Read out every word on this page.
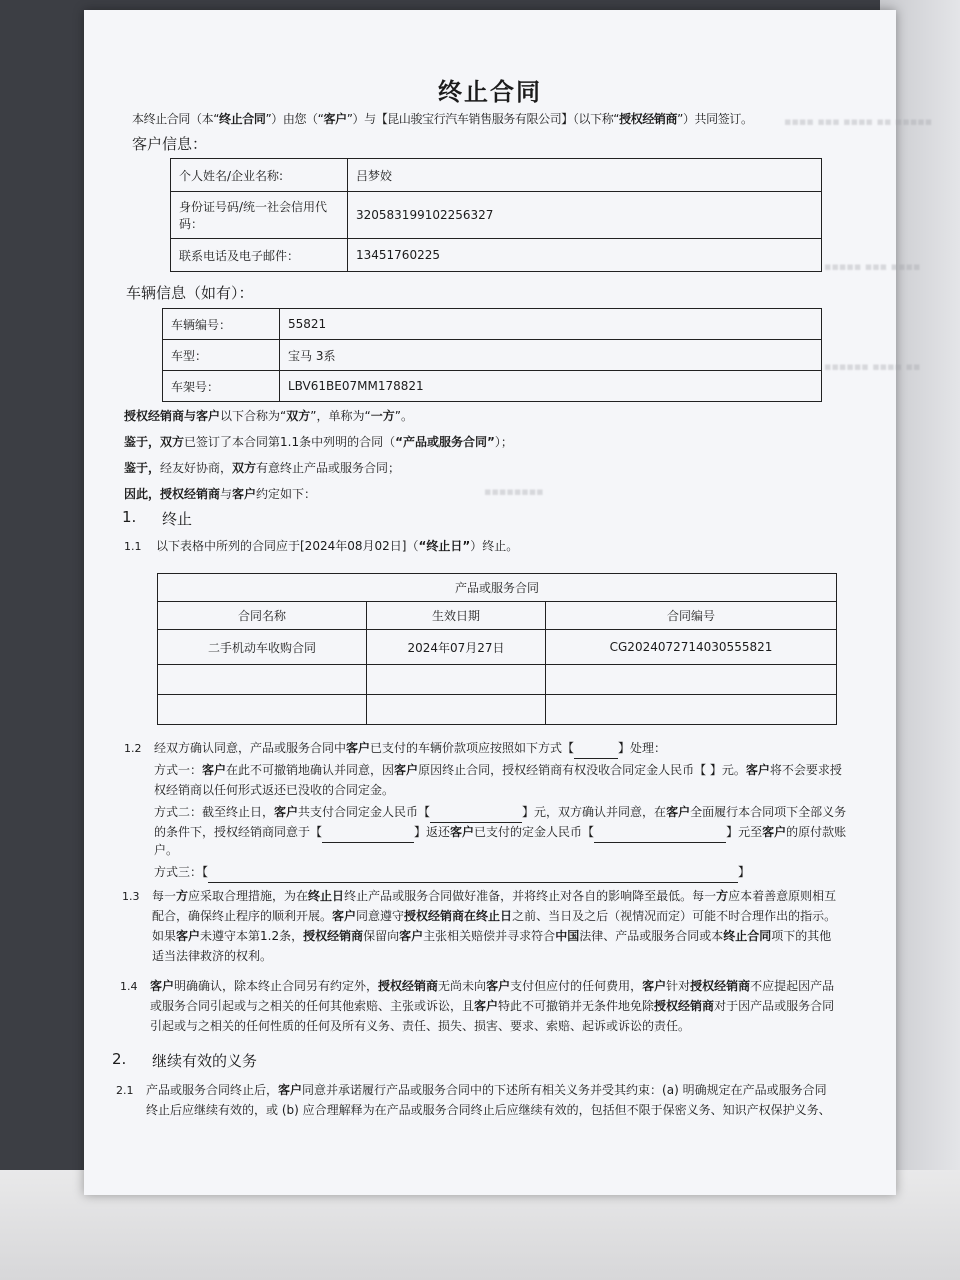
▪▪▪▪ ▪▪▪ ▪▪▪▪ ▪▪ ▪▪▪▪▪
▪▪▪▪▪ ▪▪▪ ▪▪▪▪
▪▪▪▪▪▪ ▪▪▪▪ ▪▪
▪▪▪▪▪▪▪▪
终止合同
本终止合同（本“终止合同”）由您（“客户”）与【昆山骏宝行汽车销售服务有限公司】（以下称“授权经销商”）共同签订。
客户信息：
个人姓名/企业名称:	吕梦姣
身份证号码/统一社会信用代码：	320583199102256327
联系电话及电子邮件：	13451760225
车辆信息（如有）：
车辆编号：	55821
车型：	宝马 3系
车架号：	LBV61BE07MM178821
授权经销商与客户以下合称为“双方”，单称为“一方”。
鉴于，双方已签订了本合同第1.1条中列明的合同（“产品或服务合同”）；
鉴于，经友好协商，双方有意终止产品或服务合同；
因此，授权经销商与客户约定如下：
1. 终止
1.1 以下表格中所列的合同应于[2024年08月02日]（“终止日”）终止。
产品或服务合同		
合同名称	生效日期	合同编号
二手机动车收购合同	2024年07月27日	CG2024072714030555821

1.2 经双方确认同意，产品或服务合同中客户已支付的车辆价款项应按照如下方式【	】处理：
方式一：客户在此不可撤销地确认并同意，因客户原因终止合同，授权经销商有权没收合同定金人民币【 】元。客户将不会要求授
权经销商以任何形式返还已没收的合同定金。
方式二：截至终止日，客户共支付合同定金人民币【	】元，双方确认并同意，在客户全面履行本合同项下全部义务
的条件下，授权经销商同意于【	】返还客户已支付的定金人民币【	】元至客户的原付款账
户。
方式三：【	】
1.3 每一方应采取合理措施，为在终止日终止产品或服务合同做好准备，并将终止对各自的影响降至最低。每一方应本着善意原则相互
配合，确保终止程序的顺利开展。客户同意遵守授权经销商在终止日之前、当日及之后（视情况而定）可能不时合理作出的指示。
如果客户未遵守本第1.2条，授权经销商保留向客户主张相关赔偿并寻求符合中国法律、产品或服务合同或本终止合同项下的其他
适当法律救济的权利。
1.4 客户明确确认，除本终止合同另有约定外，授权经销商无尚未向客户支付但应付的任何费用，客户针对授权经销商不应提起因产品
或服务合同引起或与之相关的任何其他索赔、主张或诉讼，且客户特此不可撤销并无条件地免除授权经销商对于因产品或服务合同
引起或与之相关的任何性质的任何及所有义务、责任、损失、损害、要求、索赔、起诉或诉讼的责任。
2. 继续有效的义务
2.1 产品或服务合同终止后，客户同意并承诺履行产品或服务合同中的下述所有相关义务并受其约束：(a) 明确规定在产品或服务合同
终止后应继续有效的，或 (b) 应合理解释为在产品或服务合同终止后应继续有效的，包括但不限于保密义务、知识产权保护义务、
